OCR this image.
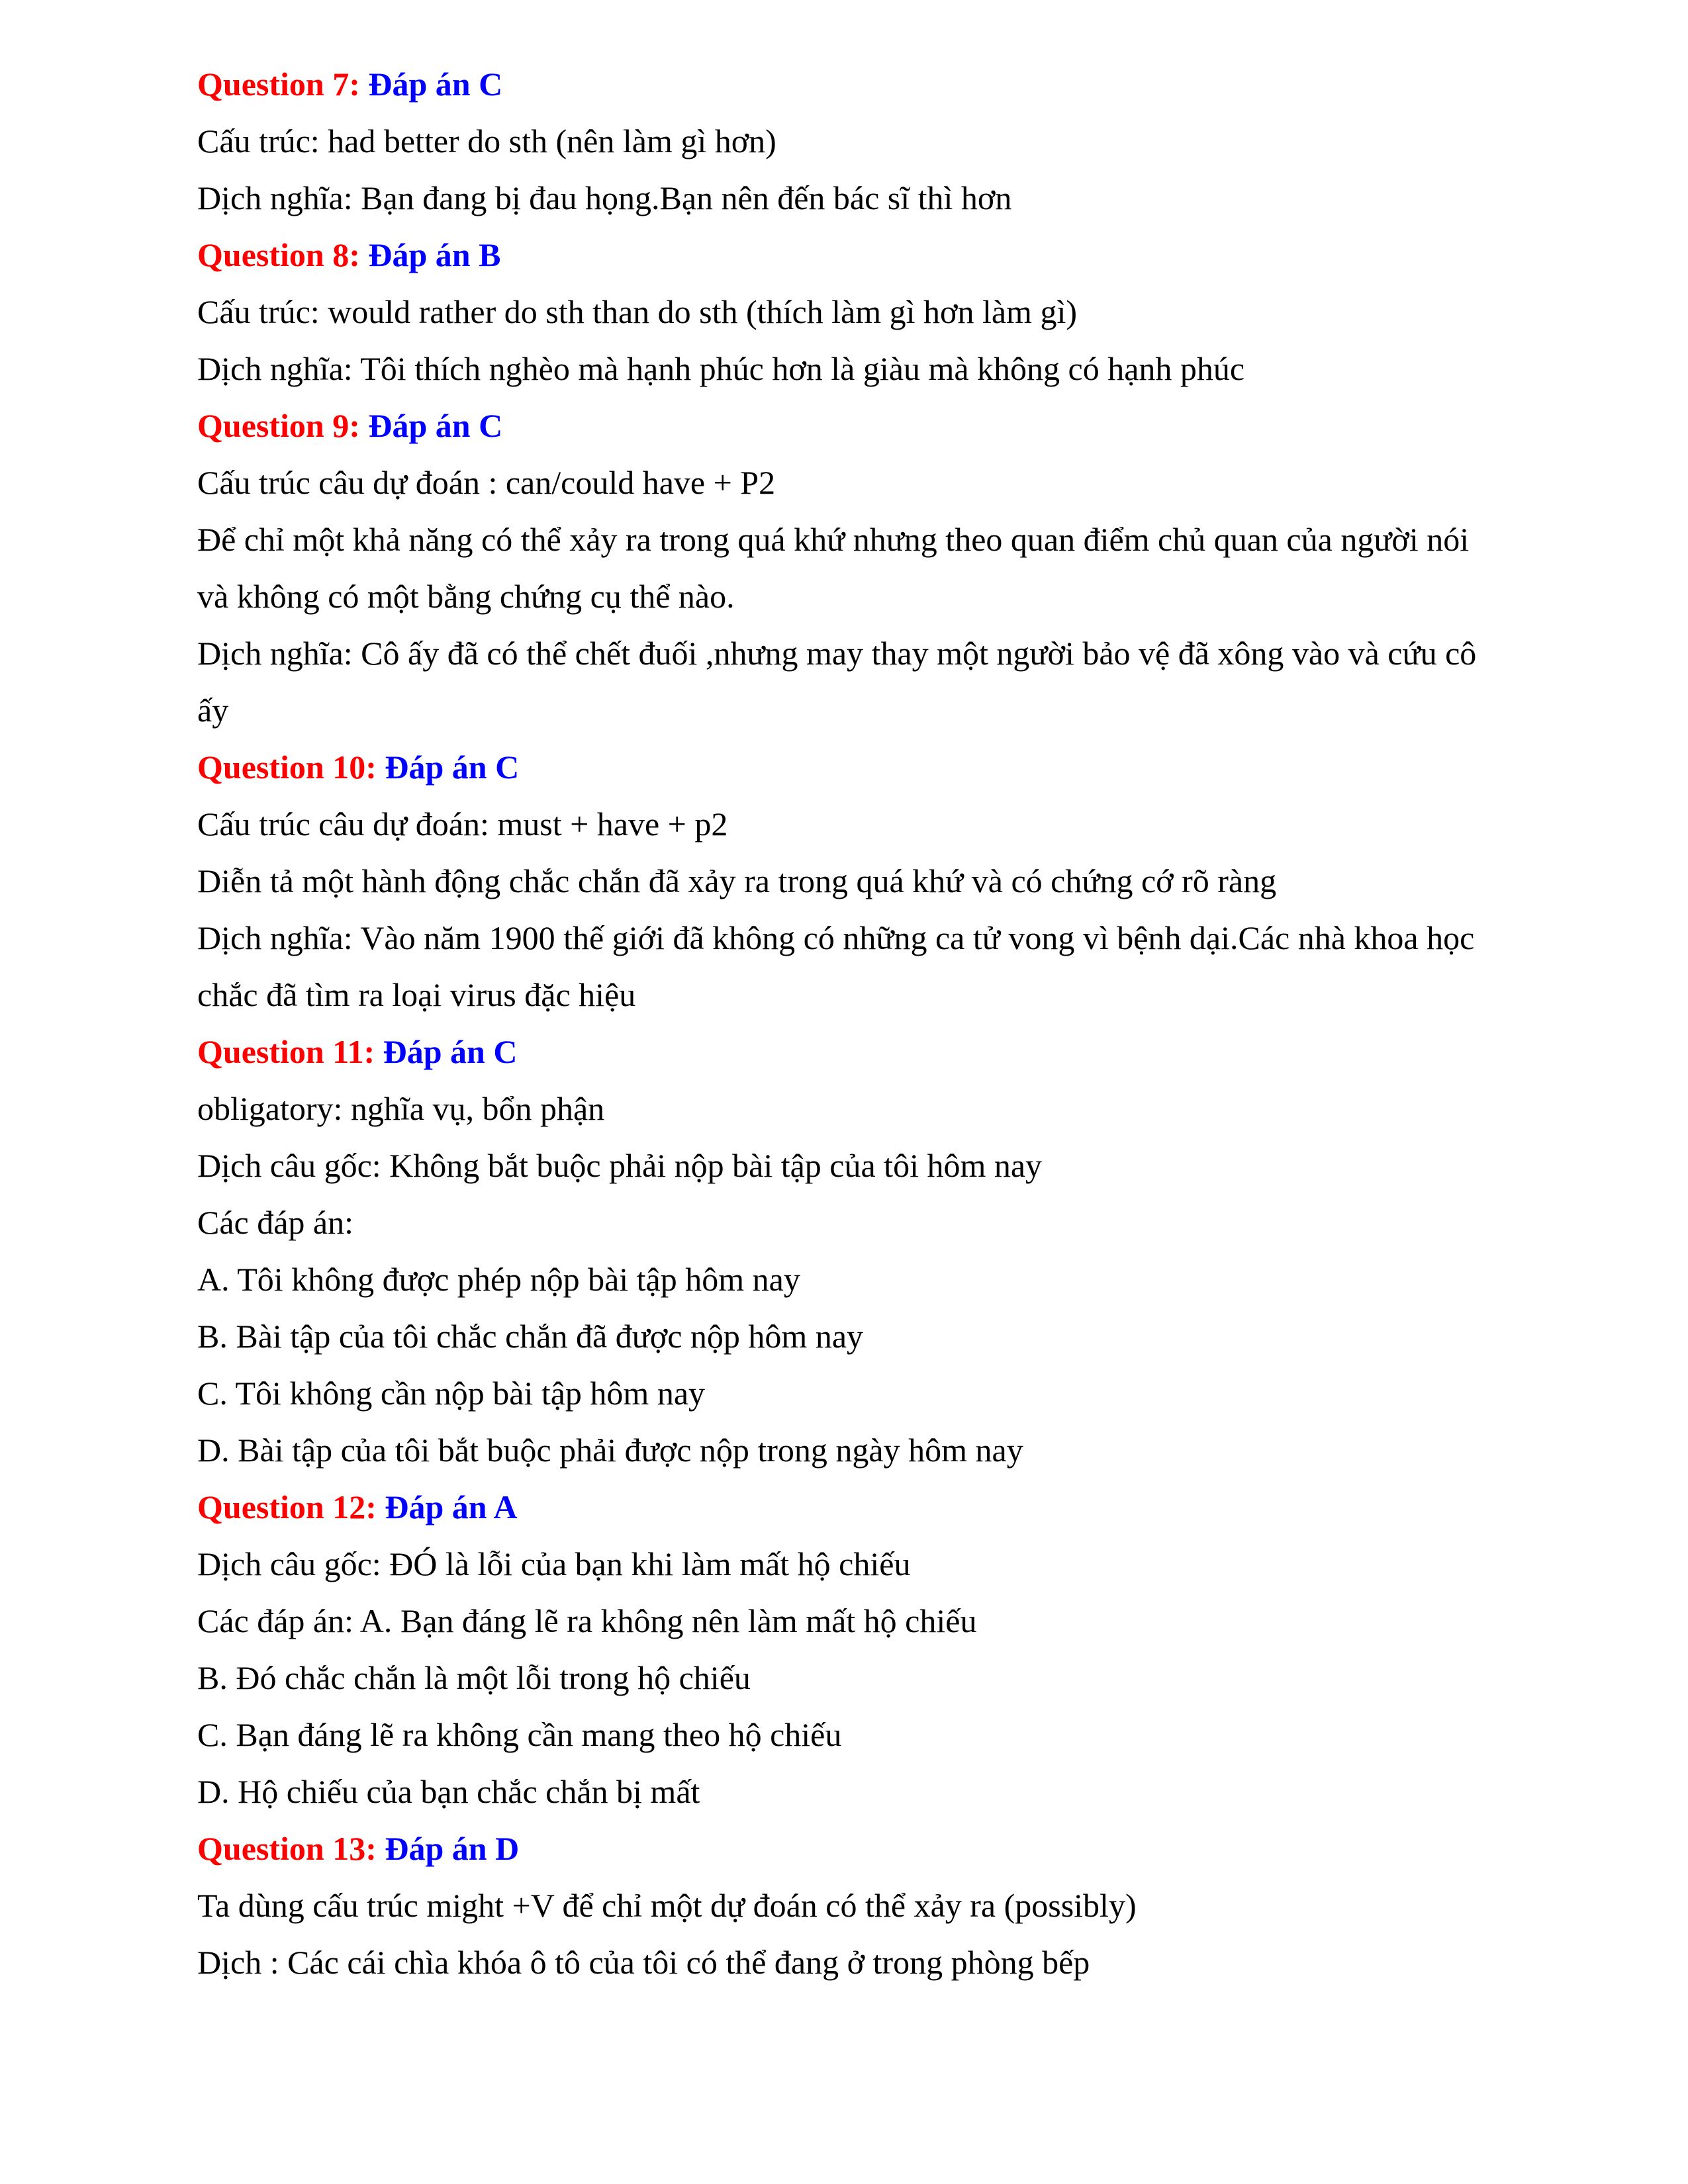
Question 7: Đáp án C
Cấu trúc: had better do sth (nên làm gì hơn)
Dịch nghĩa: Bạn đang bị đau họng.Bạn nên đến bác sĩ thì hơn
Question 8: Đáp án B
Cấu trúc: would rather do sth than do sth (thích làm gì hơn làm gì)
Dịch nghĩa: Tôi thích nghèo mà hạnh phúc hơn là giàu mà không có hạnh phúc
Question 9: Đáp án C
Cấu trúc câu dự đoán : can/could have + P2
Để chỉ một khả năng có thể xảy ra trong quá khứ nhưng theo quan điểm chủ quan của người nói
và không có một bằng chứng cụ thể nào.
Dịch nghĩa: Cô ấy đã có thể chết đuối ,nhưng may thay một người bảo vệ đã xông vào và cứu cô
ấy
Question 10: Đáp án C
Cấu trúc câu dự đoán: must + have + p2
Diễn tả một hành động chắc chắn đã xảy ra trong quá khứ và có chứng cớ rõ ràng
Dịch nghĩa: Vào năm 1900 thế giới đã không có những ca tử vong vì bệnh dại.Các nhà khoa học
chắc đã tìm ra loại virus đặc hiệu
Question 11: Đáp án C
obligatory: nghĩa vụ, bổn phận
Dịch câu gốc: Không bắt buộc phải nộp bài tập của tôi hôm nay
Các đáp án:
A. Tôi không được phép nộp bài tập hôm nay
B. Bài tập của tôi chắc chắn đã được nộp hôm nay
C. Tôi không cần nộp bài tập hôm nay
D. Bài tập của tôi bắt buộc phải được nộp trong ngày hôm nay
Question 12: Đáp án A
Dịch câu gốc: ĐÓ là lỗi của bạn khi làm mất hộ chiếu
Các đáp án: A. Bạn đáng lẽ ra không nên làm mất hộ chiếu
B. Đó chắc chắn là một lỗi trong hộ chiếu
C. Bạn đáng lẽ ra không cần mang theo hộ chiếu
D. Hộ chiếu của bạn chắc chắn bị mất
Question 13: Đáp án D
Ta dùng cấu trúc might +V để chỉ một dự đoán có thể xảy ra (possibly)
Dịch : Các cái chìa khóa ô tô của tôi có thể đang ở trong phòng bếp
